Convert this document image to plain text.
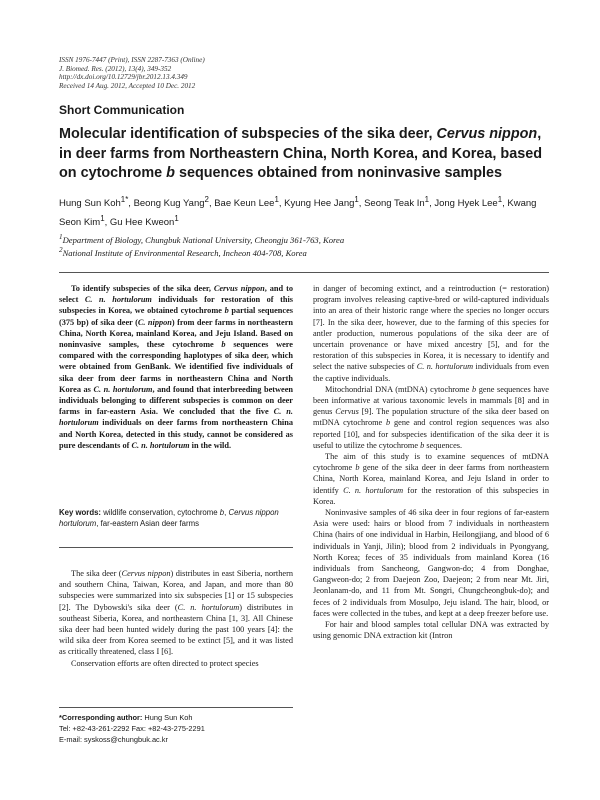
ISSN 1976-7447 (Print), ISSN 2287-7363 (Online)
J. Biomed. Res. (2012), 13(4), 349-352
http://dx.doi.org/10.12729/jbr.2012.13.4.349
Received 14 Aug. 2012, Accepted 10 Dec. 2012
Short Communication
Molecular identification of subspecies of the sika deer, Cervus nippon, in deer farms from Northeastern China, North Korea, and Korea, based on cytochrome b sequences obtained from noninvasive samples
Hung Sun Koh$^{1*}$, Beong Kug Yang$^2$, Bae Keun Lee$^1$, Kyung Hee Jang$^1$, Seong Teak In$^1$, Jong Hyek Lee$^1$, Kwang Seon Kim$^1$, Gu Hee Kweon$^1$
$^1$Department of Biology, Chungbuk National University, Cheongju 361-763, Korea
$^2$National Institute of Environmental Research, Incheon 404-708, Korea

To identify subspecies of the sika deer, Cervus nippon, and to select C. n. hortulorum individuals for restoration of this subspecies in Korea, we obtained cytochrome b partial sequences (375 bp) of sika deer (C. nippon) from deer farms in northeastern China, North Korea, mainland Korea, and Jeju Island. Based on noninvasive samples, these cytochrome b sequences were compared with the corresponding haplotypes of sika deer, which were obtained from GenBank. We identified five individuals of sika deer from deer farms in northeastern China and North Korea as C. n. hortulorum, and found that interbreeding between individuals belonging to different subspecies is common on deer farms in far-eastern Asia. We concluded that the five C. n. hortulorum individuals on deer farms from northeastern China and North Korea, detected in this study, cannot be considered as pure descendants of C. n. hortulorum in the wild.

Key words: wildlife conservation, cytochrome b, Cervus nippon hortulorum, far-eastern Asian deer farms

The sika deer (Cervus nippon) distributes in east Siberia, northern and southern China, Taiwan, Korea, and Japan, and more than 80 subspecies were summarized into six subspecies [1] or 15 subspecies [2]. The Dybowski's sika deer (C. n. hortulorum) distributes in southeast Siberia, Korea, and northeastern China [1, 3]. All Chinese sika deer had been hunted widely during the past 100 years [4]: the wild sika deer from Korea seemed to be extinct [5], and it was listed as critically threatened, class I [6].

Conservation efforts are often directed to protect species

*Corresponding author: Hung Sun Koh
Tel: +82-43-261-2292 Fax: +82-43-275-2291
E-mail: syskoss@chungbuk.ac.kr

in danger of becoming extinct, and a reintroduction (= restoration) program involves releasing captive-bred or wild-captured individuals into an area of their historic range where the species no longer occurs [7]. In the sika deer, however, due to the farming of this species for antler production, numerous populations of the sika deer are of uncertain provenance or have mixed ancestry [5], and for the restoration of this subspecies in Korea, it is necessary to identify and select the native subspecies of C. n. hortulorum individuals from even the captive individuals.

Mitochondrial DNA (mtDNA) cytochrome b gene sequences have been informative at various taxonomic levels in mammals [8] and in genus Cervus [9]. The population structure of the sika deer based on mtDNA cytochrome b gene and control region sequences was also reported [10], and for subspecies identification of the sika deer it is useful to utilize the cytochrome b sequences.

The aim of this study is to examine sequences of mtDNA cytochrome b gene of the sika deer in deer farms from northeastern China, North Korea, mainland Korea, and Jeju Island in order to identify C. n. hortulorum for the restoration of this subspecies in Korea.

Noninvasive samples of 46 sika deer in four regions of far-eastern Asia were used: hairs or blood from 7 individuals in northeastern China (hairs of one individual in Harbin, Heilongjiang, and blood of 6 individuals in Yanji, Jilin); blood from 2 individuals in Pyongyang, North Korea; feces of 35 individuals from mainland Korea (16 individuals from Sancheong, Gangwon-do; 4 from Donghae, Gangweon-do; 2 from Daejeon Zoo, Daejeon; 2 from near Mt. Jiri, Jeonlanam-do, and 11 from Mt. Songri, Chungcheongbuk-do); and feces of 2 individuals from Mosulpo, Jeju island. The hair, blood, or faces were collected in the tubes, and kept at a deep freezer before use.

For hair and blood samples total cellular DNA was extracted by using genomic DNA extraction kit (Intron
